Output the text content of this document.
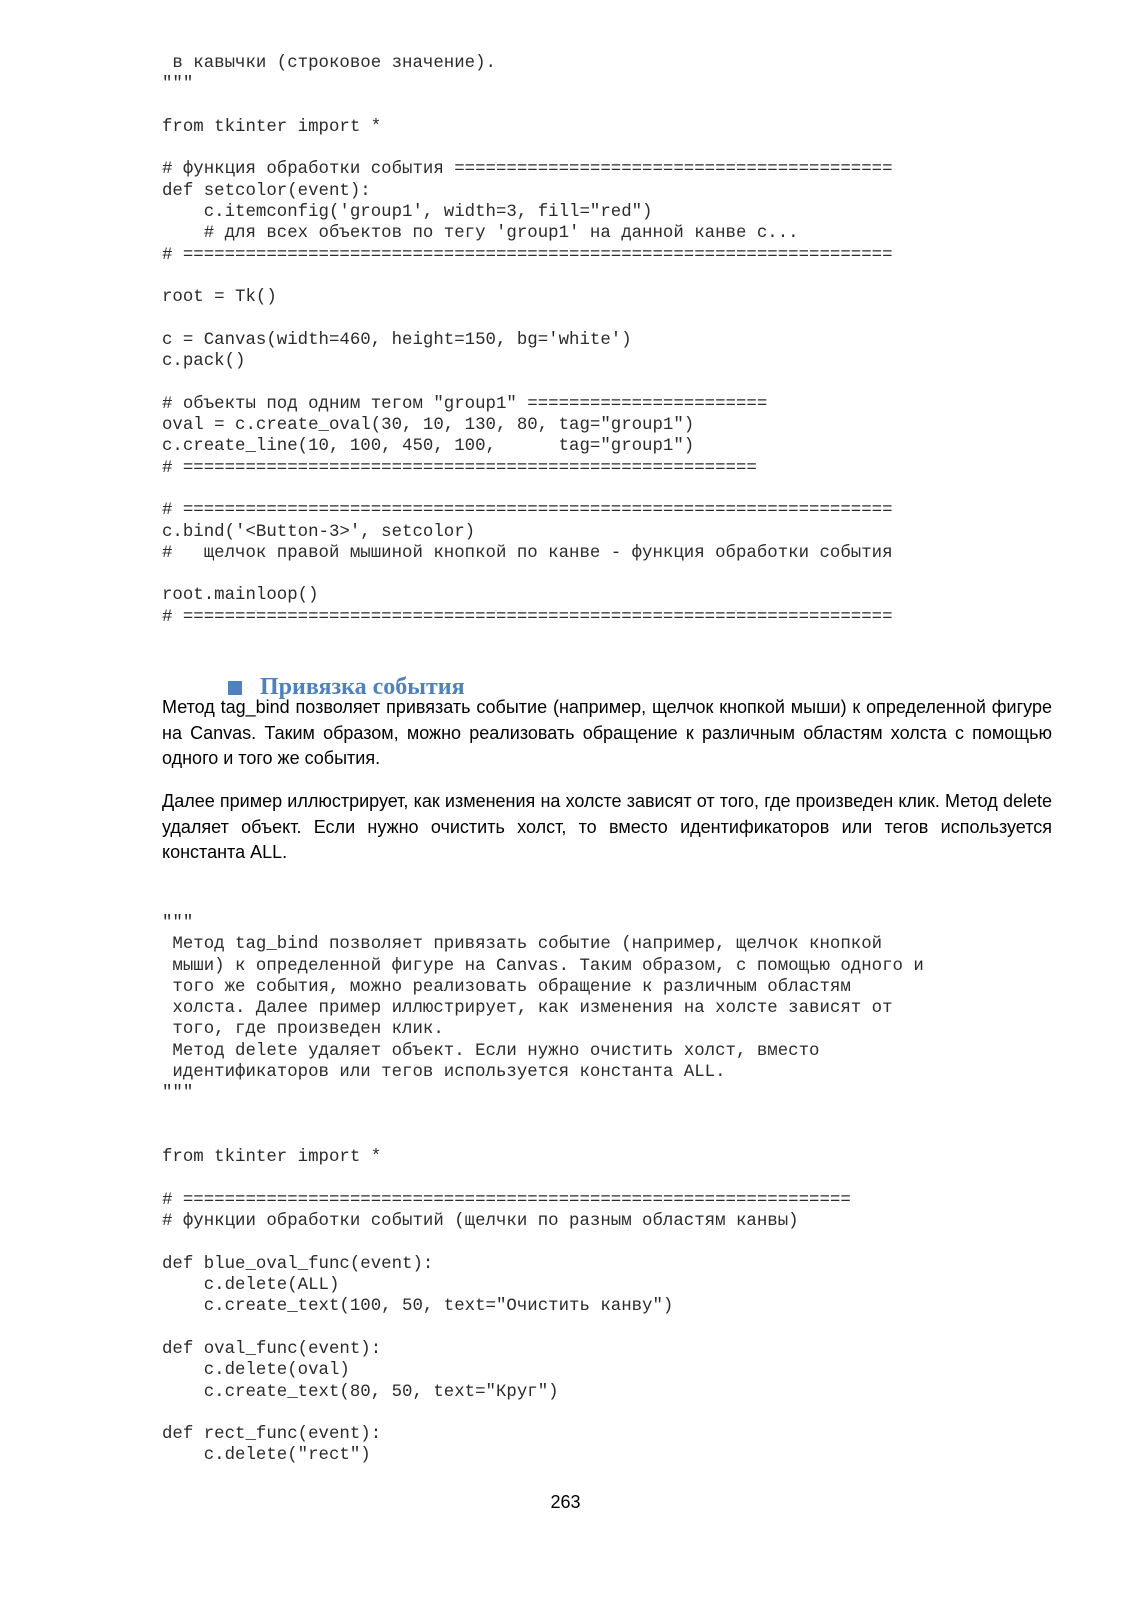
в кавычки (строковое значение).
"""
from tkinter import *
# функция обработки события ==========================================
def setcolor(event):
c.itemconfig('group1', width=3, fill="red")
# для всех объектов по тегу 'group1' на данной канве c...
# ====================================================================
root = Tk()
c = Canvas(width=460, height=150, bg='white')
c.pack()
# объекты под одним тегом "group1" =======================
oval = c.create_oval(30, 10, 130, 80, tag="group1")
c.create_line(10, 100, 450, 100,      tag="group1")
# =======================================================
# ====================================================================
c.bind('<Button-3>', setcolor)
#   щелчок правой мышиной кнопкой по канве - функция обработки события
root.mainloop()
# ====================================================================
Привязка события

Метод tag_bind позволяет привязать событие (например, щелчок кнопкой мыши) к определенной фигуре на Canvas. Таким образом, можно реализовать обращение к различным областям холста с помощью одного и того же события.

Далее пример иллюстрирует, как изменения на холсте зависят от того, где произведен клик. Метод delete удаляет объект. Если нужно очистить холст, то вместо идентификаторов или тегов используется константа ALL.

"""
Метод tag_bind позволяет привязать событие (например, щелчок кнопкой
мыши) к определенной фигуре на Canvas. Таким образом, с помощью одного и
того же события, можно реализовать обращение к различным областям
холста. Далее пример иллюстрирует, как изменения на холсте зависят от
того, где произведен клик.
Метод delete удаляет объект. Если нужно очистить холст, вместо
идентификаторов или тегов используется константа ALL.
"""
from tkinter import *
# ================================================================
# функции обработки событий (щелчки по разным областям канвы)
def blue_oval_func(event):
c.delete(ALL)
c.create_text(100, 50, text="Очистить канву")
def oval_func(event):
c.delete(oval)
c.create_text(80, 50, text="Круг")
def rect_func(event):
c.delete("rect")
263
